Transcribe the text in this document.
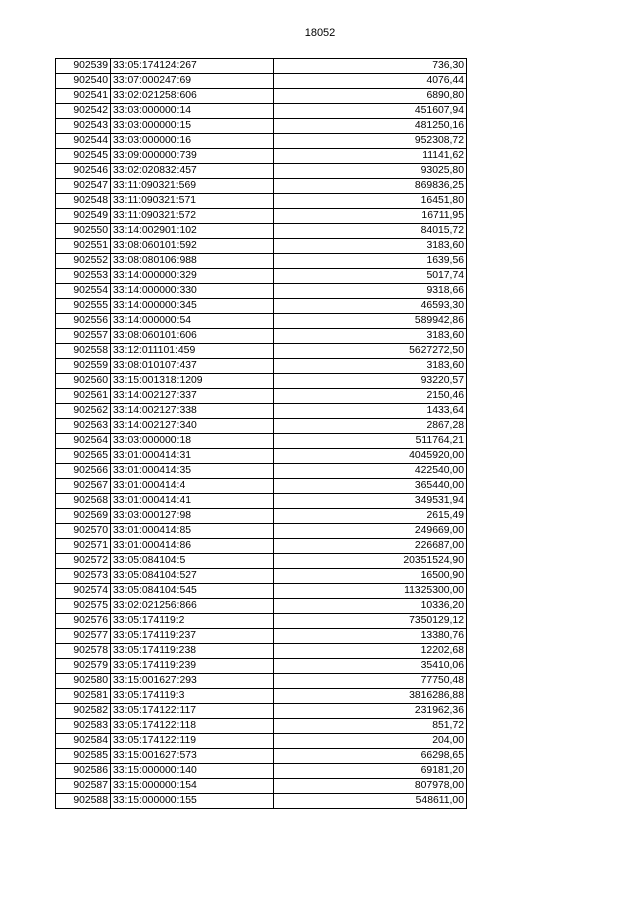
18052
902539	33:05:174124:267	736,30
902540	33:07:000247:69	4076,44
902541	33:02:021258:606	6890,80
902542	33:03:000000:14	451607,94
902543	33:03:000000:15	481250,16
902544	33:03:000000:16	952308,72
902545	33:09:000000:739	11141,62
902546	33:02:020832:457	93025,80
902547	33:11:090321:569	869836,25
902548	33:11:090321:571	16451,80
902549	33:11:090321:572	16711,95
902550	33:14:002901:102	84015,72
902551	33:08:060101:592	3183,60
902552	33:08:080106:988	1639,56
902553	33:14:000000:329	5017,74
902554	33:14:000000:330	9318,66
902555	33:14:000000:345	46593,30
902556	33:14:000000:54	589942,86
902557	33:08:060101:606	3183,60
902558	33:12:011101:459	5627272,50
902559	33:08:010107:437	3183,60
902560	33:15:001318:1209	93220,57
902561	33:14:002127:337	2150,46
902562	33:14:002127:338	1433,64
902563	33:14:002127:340	2867,28
902564	33:03:000000:18	511764,21
902565	33:01:000414:31	4045920,00
902566	33:01:000414:35	422540,00
902567	33:01:000414:4	365440,00
902568	33:01:000414:41	349531,94
902569	33:03:000127:98	2615,49
902570	33:01:000414:85	249669,00
902571	33:01:000414:86	226687,00
902572	33:05:084104:5	20351524,90
902573	33:05:084104:527	16500,90
902574	33:05:084104:545	11325300,00
902575	33:02:021256:866	10336,20
902576	33:05:174119:2	7350129,12
902577	33:05:174119:237	13380,76
902578	33:05:174119:238	12202,68
902579	33:05:174119:239	35410,06
902580	33:15:001627:293	77750,48
902581	33:05:174119:3	3816286,88
902582	33:05:174122:117	231962,36
902583	33:05:174122:118	851,72
902584	33:05:174122:119	204,00
902585	33:15:001627:573	66298,65
902586	33:15:000000:140	69181,20
902587	33:15:000000:154	807978,00
902588	33:15:000000:155	548611,00
